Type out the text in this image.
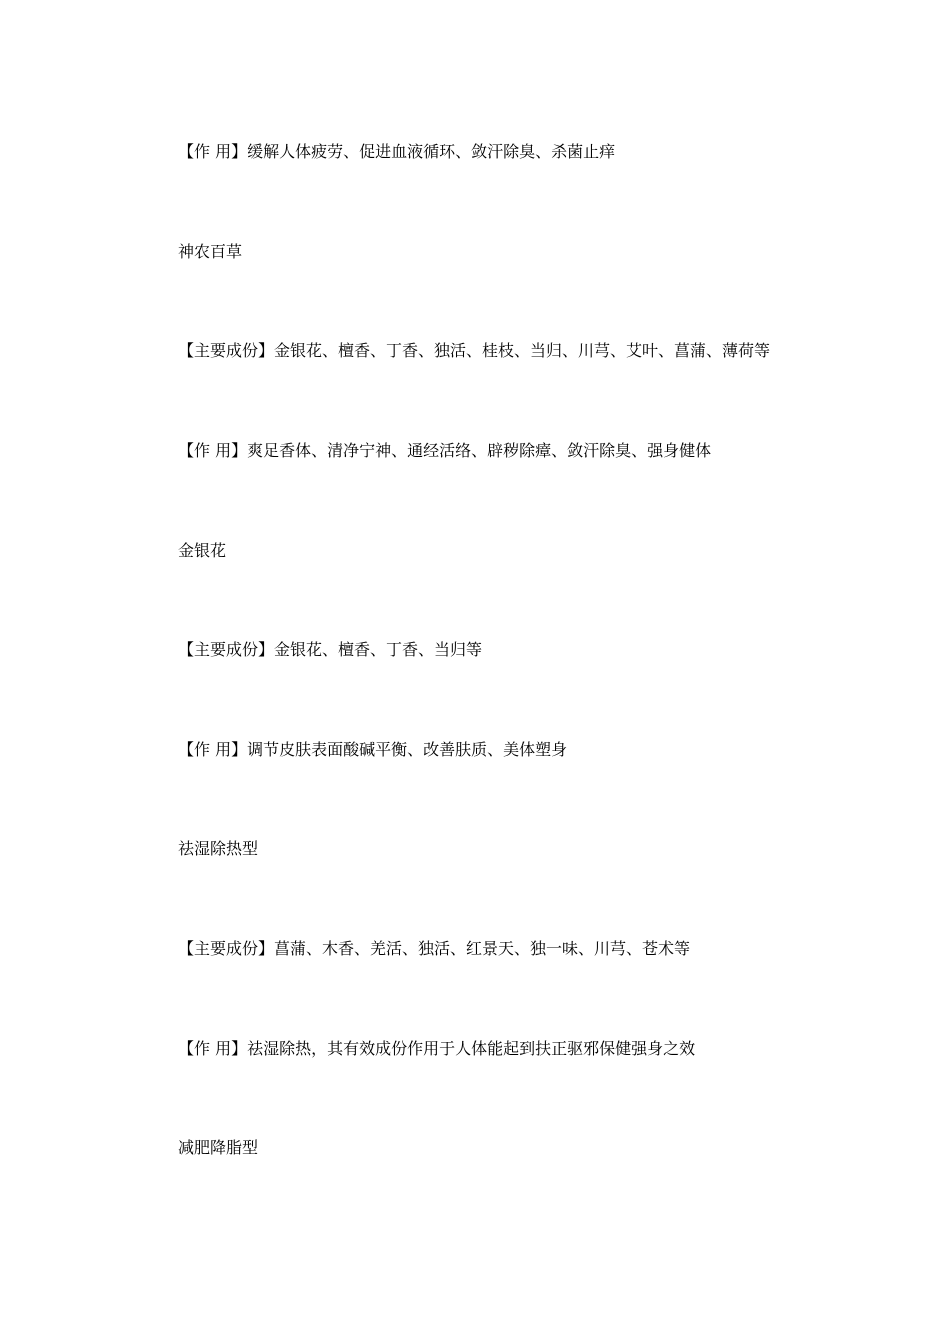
【作 用】缓解人体疲劳、促进血液循环、敛汗除臭、杀菌止痒
神农百草
【主要成份】金银花、檀香、丁香、独活、桂枝、当归、川芎、艾叶、菖蒲、薄荷等
【作 用】爽足香体、清净宁神、通经活络、辟秽除瘴、敛汗除臭、强身健体
金银花
【主要成份】金银花、檀香、丁香、当归等
【作 用】调节皮肤表面酸碱平衡、改善肤质、美体塑身
祛湿除热型
【主要成份】菖蒲、木香、羌活、独活、红景天、独一味、川芎、苍术等
【作 用】祛湿除热，其有效成份作用于人体能起到扶正驱邪保健强身之效
减肥降脂型
